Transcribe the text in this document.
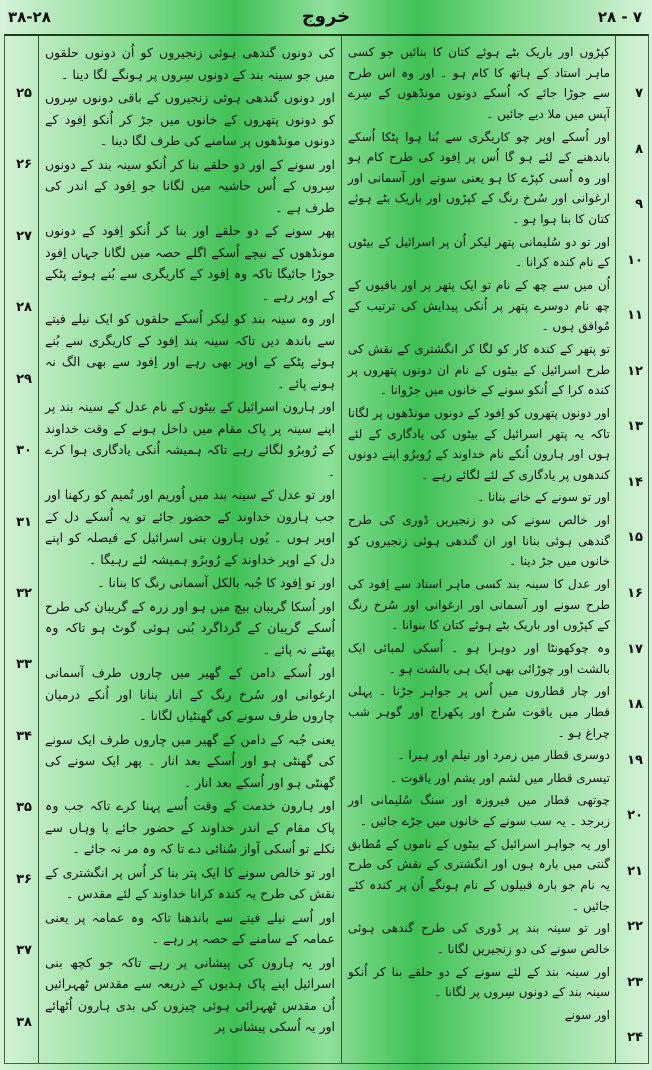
۲۸ - ۷
خروج
۳۸-۲۸
۲۵
۲۶
۲۷
۲۸
۲۹
۳۰
۳۱
۳۲
۳۳
۳۴
۳۵
۳۶
۳۷
۳۸

کی دونوں گندھی ہوئی زنجیروں کو اُن دونوں حلقوں میں جو سینہ بند کے دونوں سِروں پر ہونگے لگا دینا ۔

اور دونوں گندھی ہوئی زنجیروں کے باقی دونوں سِروں کو دونوں پتھروں کے خانوں میں جڑ کر اُنکو اِفود کے دونوں مونڈھوں پر سامنے کی طرف لگا دینا ۔

اور سونے کے اور دو حلقے بنا کر اُنکو سینہ بند کے دونوں سِروں کے اُس حاشیہ میں لگانا جو اِفود کے اندر کی طرف ہے ۔

پھر سونے کے دو حلقے اور بنا کر اُنکو اِفود کے دونوں مونڈھوں کے نیچے اُسکے اگلے حصہ میں لگانا جہاں اِفود جوڑا جائیگا تاکہ وہ اِفود کے کاریگری سے بُنے ہوئے پٹکے کے اوپر رہے ۔

اور وہ سینہ بند کو لیکر اُسکے حلقوں کو ایک نیلے فیتے سے باندھ دیں تاکہ سینہ بند اِفود کے کاریگری سے بُنے ہوئے پٹکے کے اوپر بھی رہے اور اِفود سے بھی الگ نہ ہونے پائے ۔

اور ہارون اسرائیل کے بیٹوں کے نام عدل کے سینہ بند پر اپنے سینہ پر پاک مقام میں داخل ہونے کے وقت خداوند کے رُوبرُو لگائے رہے تاکہ ہمیشہ اُنکی یادگاری ہوا کرے ۔

اور تو عدل کے سینہ بند میں اُوریم اور تُمیم کو رکھنا اور جب ہارون خداوند کے حضور جائے تو یہ اُسکے دل کے اوپر ہوں ۔ یُوں ہارون بنی اسرائیل کے فیصلہ کو اپنے دل کے اوپر خداوند کے رُوبرُو ہمیشہ لئے رہیگا ۔

اور تو اِفود کا جُبہ بالکل آسمانی رنگ کا بنانا ۔

اور اُسکا گریبان بیچ میں ہو اور زرہ کے گریبان کی طرح اُسکے گریبان کے گرداگرد بُنی ہوئی گوٹ ہو تاکہ وہ پھٹنے نہ پائے ۔

اور اُسکے دامن کے گھیر میں چاروں طرف آسمانی ارغوانی اور سُرخ رنگ کے انار بنانا اور اُنکے درمیان چاروں طرف سونے کی گھنٹیاں لگانا ۔

یعنی جُبہ کے دامن کے گھیر میں چاروں طرف ایک سونے کی گھنٹی ہو اور اُسکے بعد انار ۔ پھر ایک سونے کی گھنٹی ہو اور اُسکے بعد انار ۔

اور ہارون خدمت کے وقت اُسے پہنا کرے تاکہ جب وہ پاک مقام کے اندر خداوند کے حضور جائے یا وہاں سے نکلے تو اُسکی آواز سُنائی دے تا کہ وہ مر نہ جائے ۔

اور تو خالص سونے کا ایک پتر بنا کر اُس پر انگشتری کے نقش کی طرح یہ کندہ کرانا خداوند کے لئے مقدس ۔

اور اُسے نیلے فیتے سے باندھنا تاکہ وہ عمامہ پر یعنی عمامہ کے سامنے کے حصہ پر رہے ۔

اور یہ ہارون کی پیشانی پر رہے تاکہ جو کچھ بنی اسرائیل اپنے پاک ہدیوں کے ذریعہ سے مقدس ٹھہرائیں اُن مقدس ٹھہرائی ہوئی چیزوں کی بدی ہارون اُٹھائے اور یہ اُسکی پیشانی پر

کپڑوں اور باریک بٹے ہوئے کتان کا بنائیں جو کسی ماہر استاد کے ہاتھ کا کام ہو ۔ اور وہ اس طرح سے جوڑا جائے کہ اُسکے دونوں مونڈھوں کے سِرے آپس میں ملا دیے جائیں ۔

اور اُسکے اوپر چو کاریگری سے بُنا ہوا پٹکا اُسکے باندھنے کے لئے ہو گا اُس پر اِفود کی طرح کام ہو اور وہ اُسی کپڑے کا ہو یعنی سونے اور آسمانی اور ارغوانی اور سُرخ رنگ کے کپڑوں اور باریک بٹے ہوئے کتان کا بنا ہوا ہو ۔

اور تو دو سُلیمانی پتھر لیکر اُن پر اسرائیل کے بیٹوں کے نام کندہ کرانا ۔

اُن میں سے چھ کے نام تو ایک پتھر پر اور باقیوں کے چھ نام دوسرے پتھر پر اُنکی پیدایش کی ترتیب کے مُوافق ہوں ۔

تو پتھر کے کندہ کار کو لگا کر انگشتری کے نقش کی طرح اسرائیل کے بیٹوں کے نام ان دونوں پتھروں پر کندہ کرا کے اُنکو سونے کے خانوں میں جڑوانا ۔

اور دونوں پتھروں کو اِفود کے دونوں مونڈھوں پر لگانا تاکہ یہ پتھر اسرائیل کے بیٹوں کی یادگاری کے لئے ہوں اور ہارون اُنکے نام خداوند کے رُوبرُو اپنے دونوں کندھوں پر یادگاری کے لئے لگائے رہے ۔

اور تو سونے کے خانے بنانا ۔

اور خالص سونے کی دو زنجیریں ڈوری کی طرح گندھی ہوئی بنانا اور ان گندھی ہوئی زنجیروں کو خانوں میں جڑ دینا ۔

اور عدل کا سینہ بند کسی ماہر استاد سے اِفود کی طرح سونے اور آسمانی اور ارغوانی اور سُرخ رنگ کے کپڑوں اور باریک بٹے ہوئے کتان کا بنوانا ۔

وہ چوکھونٹا اور دوہرا ہو ۔ اُسکی لمبائی ایک بالشت اور چوڑائی بھی ایک ہی بالشت ہو ۔

اور چار قطاروں میں اُس پر جواہر جڑنا ۔ پہلی قطار میں یاقوت سُرخ اور پکھراج اور گوہر شب چراغ ہو ۔

دوسری قطار میں زمرد اور نیلم اور ہیرا ۔

تیسری قطار میں لشم اور یشم اور یاقوت ۔

چوتھی قطار میں فیروزہ اور سنگ سُلیمانی اور زبرجد ۔ یہ سب سونے کے خانوں میں جڑے جائیں ۔

اور یہ جواہر اسرائیل کے بیٹوں کے ناموں کے مُطابق گنتی میں بارہ ہوں اور انگشتری کے نقش کی طرح یہ نام جو بارہ قبیلوں کے نام ہونگے اُن پر کندہ کئے جائیں ۔

اور تو سینہ بند پر ڈوری کی طرح گندھی ہوئی خالص سونے کی دو زنجیریں لگانا ۔

اور سینہ بند کے لئے سونے کے دو حلقے بنا کر اُنکو سینہ بند کے دونوں سِروں پر لگانا ۔

اور سونے

۷
۸
۹
۱۰
۱۱
۱۲
۱۳
۱۴
۱۵
۱۶
۱۷
۱۸
۱۹
۲۰
۲۱
۲۲
۲۳
۲۴
